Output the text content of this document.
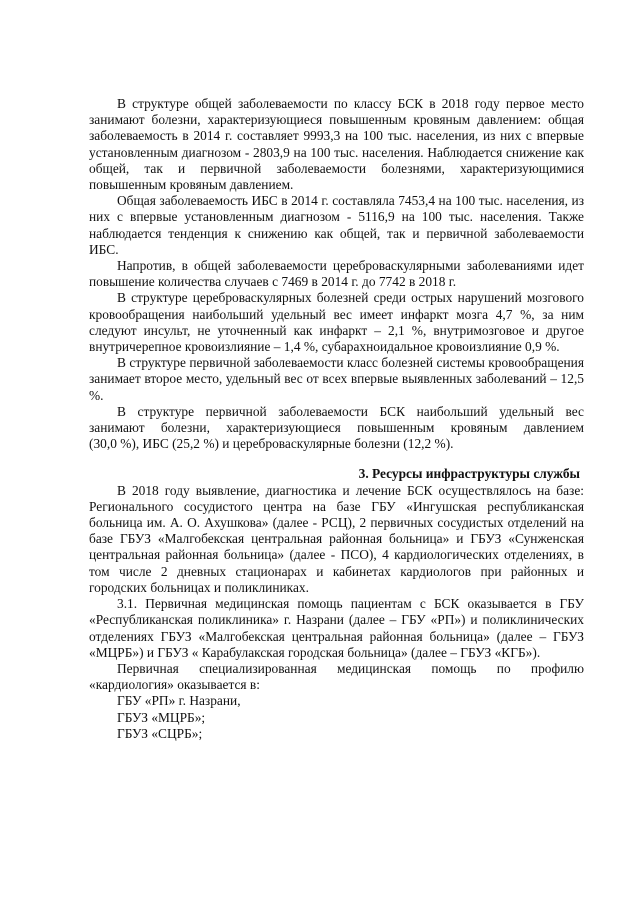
В структуре общей заболеваемости по классу БСК в 2018 году первое место занимают болезни, характеризующиеся повышенным кровяным давлением: общая заболеваемость в 2014 г. составляет 9993,3 на 100 тыс. населения, из них с впервые установленным диагнозом - 2803,9 на 100 тыс. населения. Наблюдается снижение как общей, так и первичной заболеваемости болезнями, характеризующимися повышенным кровяным давлением.

Общая заболеваемость ИБС в 2014 г. составляла 7453,4 на 100 тыс. населения, из них с впервые установленным диагнозом - 5116,9 на 100 тыс. населения. Также наблюдается тенденция к снижению как общей, так и первичной заболеваемости ИБС.

Напротив, в общей заболеваемости цереброваскулярными заболеваниями идет повышение количества случаев с 7469 в 2014 г. до 7742 в 2018 г.

В структуре цереброваскулярных болезней среди острых нарушений мозгового кровообращения наибольший удельный вес имеет инфаркт мозга 4,7 %, за ним следуют инсульт, не уточненный как инфаркт – 2,1 %, внутримозговое и другое внутричерепное кровоизлияние – 1,4 %, субарахноидальное кровоизлияние 0,9 %.

В структуре первичной заболеваемости класс болезней системы кровообращения занимает второе место, удельный вес от всех впервые выявленных заболеваний – 12,5 %.

В структуре первичной заболеваемости БСК наибольший удельный вес

занимают болезни, характеризующиеся повышенным кровяным давлением

(30,0 %), ИБС (25,2 %) и цереброваскулярные болезни (12,2 %).

3. Ресурсы инфраструктуры службы

В 2018 году выявление, диагностика и лечение БСК осуществлялось на базе: Регионального сосудистого центра на базе ГБУ «Ингушская республиканская больница им. А. О. Ахушкова» (далее - РСЦ), 2 первичных сосудистых отделений на базе ГБУЗ «Малгобекская центральная районная больница» и ГБУЗ «Сунженская центральная районная больница» (далее - ПСО), 4 кардиологических отделениях, в том числе 2 дневных стационарах и кабинетах кардиологов при районных и городских больницах и поликлиниках.

3.1. Первичная медицинская помощь пациентам с БСК оказывается в ГБУ «Республиканская поликлиника» г. Назрани (далее – ГБУ «РП») и поликлинических отделениях ГБУЗ «Малгобекская центральная районная больница» (далее – ГБУЗ «МЦРБ») и ГБУЗ « Карабулакская городская больница» (далее – ГБУЗ «КГБ»).

Первичная специализированная медицинская помощь по профилю «кардиология» оказывается в:

ГБУ «РП» г. Назрани,

ГБУЗ «МЦРБ»;

ГБУЗ «СЦРБ»;
